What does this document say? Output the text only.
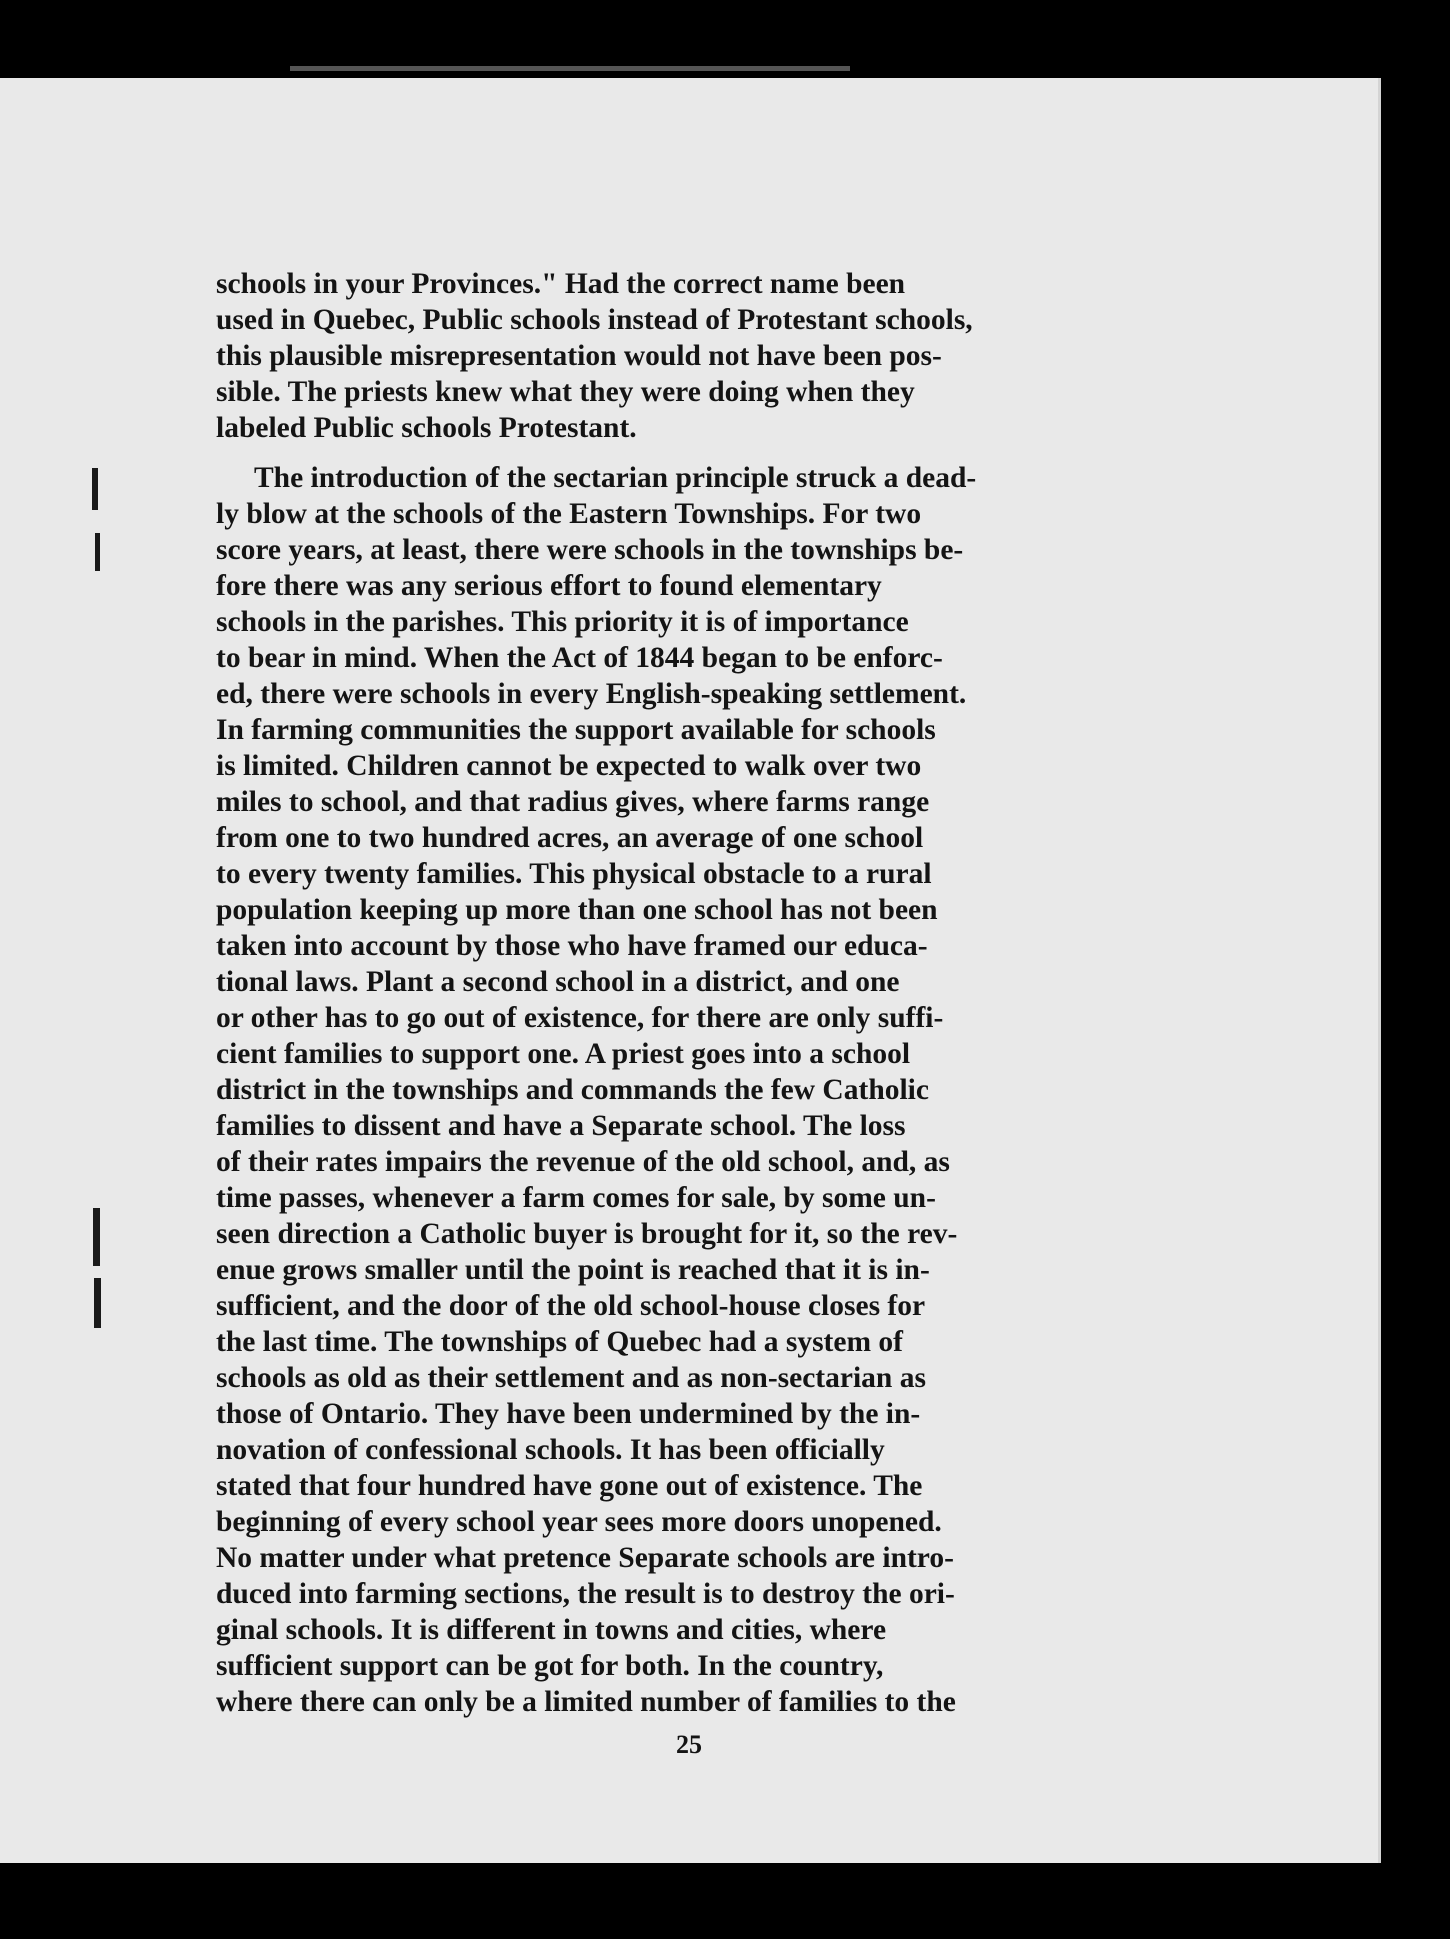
schools in your Provinces." Had the correct name been
used in Quebec, Public schools instead of Protestant schools,
this plausible misrepresentation would not have been pos-
sible. The priests knew what they were doing when they
labeled Public schools Protestant.

The introduction of the sectarian principle struck a dead-
ly blow at the schools of the Eastern Townships. For two
score years, at least, there were schools in the townships be-
fore there was any serious effort to found elementary
schools in the parishes. This priority it is of importance
to bear in mind. When the Act of 1844 began to be enforc-
ed, there were schools in every English-speaking settlement.
In farming communities the support available for schools
is limited. Children cannot be expected to walk over two
miles to school, and that radius gives, where farms range
from one to two hundred acres, an average of one school
to every twenty families. This physical obstacle to a rural
population keeping up more than one school has not been
taken into account by those who have framed our educa-
tional laws. Plant a second school in a district, and one
or other has to go out of existence, for there are only suffi-
cient families to support one. A priest goes into a school
district in the townships and commands the few Catholic
families to dissent and have a Separate school. The loss
of their rates impairs the revenue of the old school, and, as
time passes, whenever a farm comes for sale, by some un-
seen direction a Catholic buyer is brought for it, so the rev-
enue grows smaller until the point is reached that it is in-
sufficient, and the door of the old school-house closes for
the last time. The townships of Quebec had a system of
schools as old as their settlement and as non-sectarian as
those of Ontario. They have been undermined by the in-
novation of confessional schools. It has been officially
stated that four hundred have gone out of existence. The
beginning of every school year sees more doors unopened.
No matter under what pretence Separate schools are intro-
duced into farming sections, the result is to destroy the ori-
ginal schools. It is different in towns and cities, where
sufficient support can be got for both. In the country,
where there can only be a limited number of families to the

25
